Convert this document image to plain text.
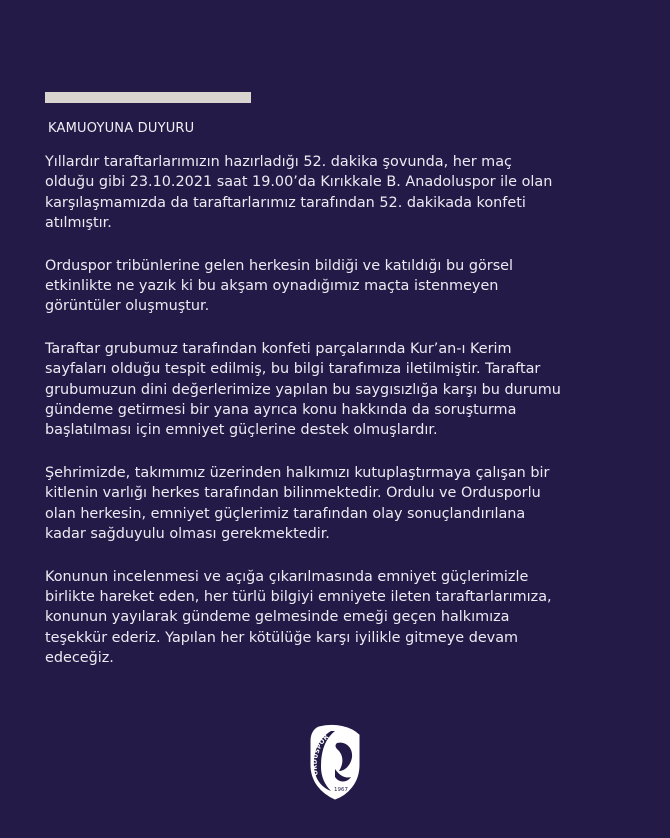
KAMUOYUNA DUYURU

Yıllardır taraftarlarımızın hazırladığı 52. dakika şovunda, her maç
olduğu gibi 23.10.2021 saat 19.00’da Kırıkkale B. Anadoluspor ile olan
karşılaşmamızda da taraftarlarımız tarafından 52. dakikada konfeti
atılmıştır.

Orduspor tribünlerine gelen herkesin bildiği ve katıldığı bu görsel
etkinlikte ne yazık ki bu akşam oynadığımız maçta istenmeyen
görüntüler oluşmuştur.

Taraftar grubumuz tarafından konfeti parçalarında Kur’an-ı Kerim
sayfaları olduğu tespit edilmiş, bu bilgi tarafımıza iletilmiştir. Taraftar
grubumuzun dini değerlerimize yapılan bu saygısızlığa karşı bu durumu
gündeme getirmesi bir yana ayrıca konu hakkında da soruşturma
başlatılması için emniyet güçlerine destek olmuşlardır.

Şehrimizde, takımımız üzerinden halkımızı kutuplaştırmaya çalışan bir
kitlenin varlığı herkes tarafından bilinmektedir. Ordulu ve Ordusporlu
olan herkesin, emniyet güçlerimiz tarafından olay sonuçlandırılana
kadar sağduyulu olması gerekmektedir.

Konunun incelenmesi ve açığa çıkarılmasında emniyet güçlerimizle
birlikte hareket eden, her türlü bilgiyi emniyete ileten taraftarlarımıza,
konunun yayılarak gündeme gelmesinde emeği geçen halkımıza
teşekkür ederiz. Yapılan her kötülüğe karşı iyilikle gitmeye devam
edeceğiz.

ORDUSPOR
1967
